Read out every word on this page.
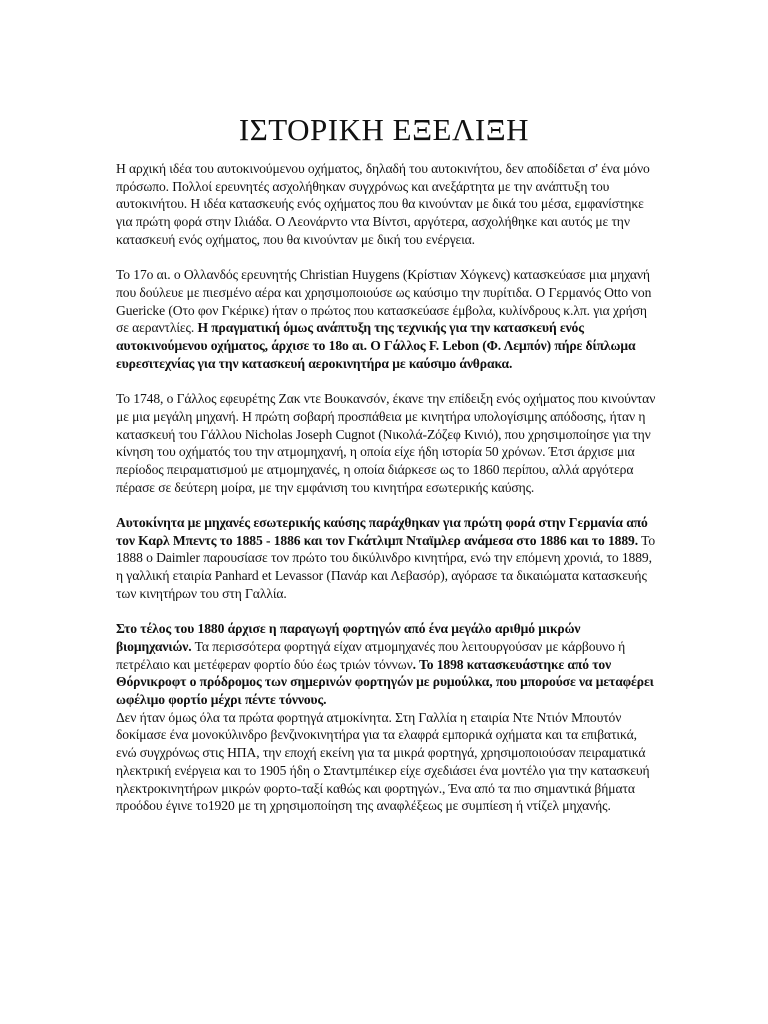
ΙΣΤΟΡΙΚΗ ΕΞΕΛΙΞΗ

Η αρχική ιδέα του αυτοκινούμενου οχήματος, δηλαδή του αυτοκινήτου, δεν αποδίδεται σ' ένα μόνο πρόσωπο. Πολλοί ερευνητές ασχολήθηκαν συγχρόνως και ανεξάρτητα με την ανάπτυξη του αυτοκινήτου. Η ιδέα κατασκευής ενός οχήματος που θα κινούνταν με δικά του μέσα, εμφανίστηκε για πρώτη φορά στην Ιλιάδα. Ο Λεονάρντο ντα Βίντσι, αργότερα, ασχολήθηκε και αυτός με την κατασκευή ενός οχήματος, που θα κινούνταν με δική του ενέργεια.

Το 17ο αι. ο Ολλανδός ερευνητής Christian Huygens (Κρίστιαν Χόγκενς) κατασκεύασε μια μηχανή που δούλευε με πιεσμένο αέρα και χρησιμοποιούσε ως καύσιμο την πυρίτιδα. Ο Γερμανός Otto von Guericke (Οτο φον Γκέρικε) ήταν ο πρώτος που κατασκεύασε έμβολα, κυλίνδρους κ.λπ. για χρήση σε αεραντλίες. Η πραγματική όμως ανάπτυξη της τεχνικής για την κατασκευή ενός αυτοκινούμενου οχήματος, άρχισε το 18ο αι. Ο Γάλλος F. Lebon (Φ. Λεμπόν) πήρε δίπλωμα ευρεσιτεχνίας για την κατασκευή αεροκινητήρα με καύσιμο άνθρακα.

Το 1748, ο Γάλλος εφευρέτης Ζακ ντε Βουκανσόν, έκανε την επίδειξη ενός οχήματος που κινούνταν με μια μεγάλη μηχανή. Η πρώτη σοβαρή προσπάθεια με κινητήρα υπολογίσιμης απόδοσης, ήταν η κατασκευή του Γάλλου Nicholas Joseph Cugnot (Νικολά-Ζόζεφ Κινιό), που χρησιμοποίησε για την κίνηση του οχήματός του την ατμομηχανή, η οποία είχε ήδη ιστορία 50 χρόνων. Έτσι άρχισε μια περίοδος πειραματισμού με ατμομηχανές, η οποία διάρκεσε ως το 1860 περίπου, αλλά αργότερα πέρασε σε δεύτερη μοίρα, με την εμφάνιση του κινητήρα εσωτερικής καύσης.

Αυτοκίνητα με μηχανές εσωτερικής καύσης παράχθηκαν για πρώτη φορά στην Γερμανία από τον Καρλ Μπεντς το 1885 - 1886 και τον Γκάτλιμπ Νταϊμλερ ανάμεσα στο 1886 και το 1889. Το 1888 ο Daimler παρουσίασε τον πρώτο του δικύλινδρο κινητήρα, ενώ την επόμενη χρονιά, το 1889, η γαλλική εταιρία Panhard et Levassor (Πανάρ και Λεβασόρ), αγόρασε τα δικαιώματα κατασκευής των κινητήρων του στη Γαλλία.

Στο τέλος του 1880 άρχισε η παραγωγή φορτηγών από ένα μεγάλο αριθμό μικρών βιομηχανιών. Τα περισσότερα φορτηγά είχαν ατμομηχανές που λειτουργούσαν με κάρβουνο ή πετρέλαιο και μετέφεραν φορτίο δύο έως τριών τόννων. Το 1898 κατασκευάστηκε από τον Θόρνικροφτ ο πρόδρομος των σημερινών φορτηγών με ρυμούλκα, που μπορούσε να μεταφέρει ωφέλιμο φορτίο μέχρι πέντε τόννους.

Δεν ήταν όμως όλα τα πρώτα φορτηγά ατμοκίνητα. Στη Γαλλία η εταιρία Ντε Ντιόν Μπουτόν δοκίμασε ένα μονοκύλινδρο βενζινοκινητήρα για τα ελαφρά εμπορικά οχήματα και τα επιβατικά, ενώ συγχρόνως στις ΗΠΑ, την εποχή εκείνη για τα μικρά φορτηγά, χρησιμοποιούσαν πειραματικά ηλεκτρική ενέργεια και το 1905 ήδη ο Σταντμπέικερ είχε σχεδιάσει ένα μοντέλο για την κατασκευή ηλεκτροκινητήρων μικρών φορτο-ταξί καθώς και φορτηγών., Ένα από τα πιο σημαντικά βήματα προόδου έγινε το1920 με τη χρησιμοποίηση της αναφλέξεως με συμπίεση ή ντίζελ μηχανής.
